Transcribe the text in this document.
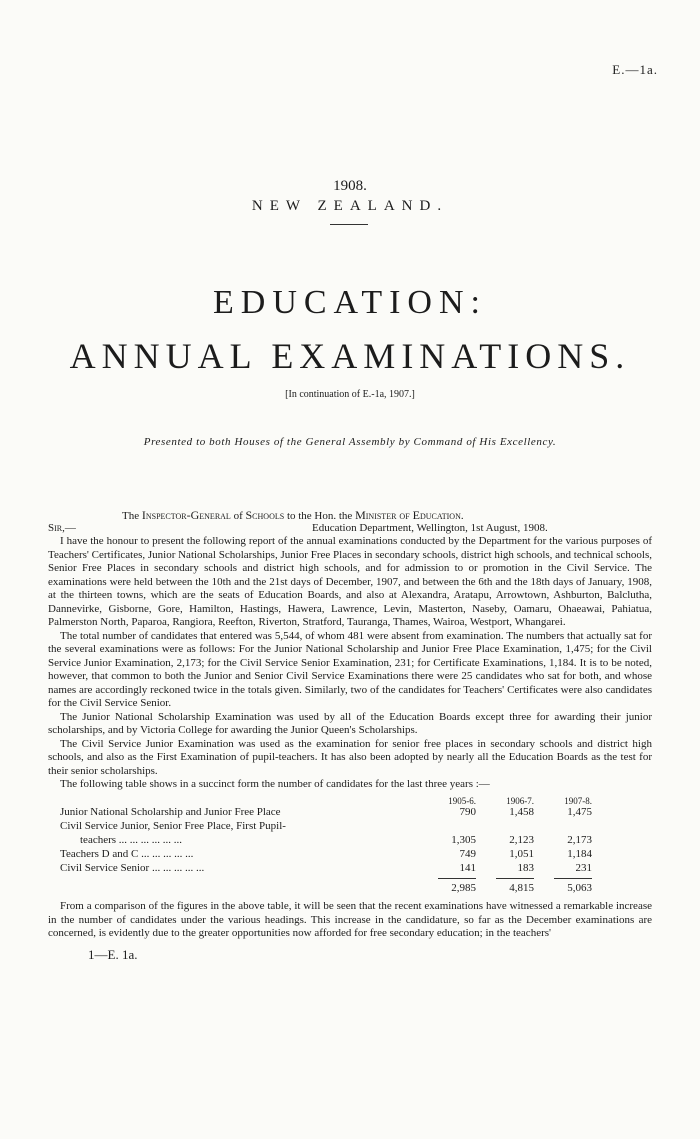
E.—1a.
1908.
NEW ZEALAND.
EDUCATION:
ANNUAL EXAMINATIONS.
[In continuation of E.-1a, 1907.]
Presented to both Houses of the General Assembly by Command of His Excellency.
The Inspector-General of Schools to the Hon. the Minister of Education.
Sir,—	Education Department, Wellington, 1st August, 1908.

I have the honour to present the following report of the annual examinations conducted by the Department for the various purposes of Teachers' Certificates, Junior National Scholarships, Junior Free Places in secondary schools, district high schools, and technical schools, Senior Free Places in secondary schools and district high schools, and for admission to or promotion in the Civil Service. The examinations were held between the 10th and the 21st days of December, 1907, and between the 6th and the 18th days of January, 1908, at the thirteen towns, which are the seats of Education Boards, and also at Alexandra, Aratapu, Arrowtown, Ashburton, Balclutha, Dannevirke, Gisborne, Gore, Hamilton, Hastings, Hawera, Lawrence, Levin, Masterton, Naseby, Oamaru, Ohaeawai, Pahiatua, Palmerston North, Paparoa, Rangiora, Reefton, Riverton, Stratford, Tauranga, Thames, Wairoa, Westport, Whangarei.

The total number of candidates that entered was 5,544, of whom 481 were absent from examination. The numbers that actually sat for the several examinations were as follows: For the Junior National Scholarship and Junior Free Place Examination, 1,475; for the Civil Service Junior Examination, 2,173; for the Civil Service Senior Examination, 231; for Certificate Examinations, 1,184. It is to be noted, however, that common to both the Junior and Senior Civil Service Examinations there were 25 candidates who sat for both, and whose names are accordingly reckoned twice in the totals given. Similarly, two of the candidates for Teachers' Certificates were also candidates for the Civil Service Senior.

The Junior National Scholarship Examination was used by all of the Education Boards except three for awarding their junior scholarships, and by Victoria College for awarding the Junior Queen's Scholarships.

The Civil Service Junior Examination was used as the examination for senior free places in secondary schools and district high schools, and also as the First Examination of pupil-teachers. It has also been adopted by nearly all the Education Boards as the test for their senior scholarships.

The following table shows in a succinct form the number of candidates for the last three years :—

1905-6.	1906-7.	1907-8.
Junior National Scholarship and Junior Free Place	790	1,458	1,475
Civil Service Junior, Senior Free Place, First Pupil-
teachers ... ... ... ... ... ...	1,305	2,123	2,173
Teachers D and C ... ... ... ... ...	749	1,051	1,184
Civil Service Senior ... ... ... ... ...	141	183	231
2,985	4,815	5,063

From a comparison of the figures in the above table, it will be seen that the recent examinations have witnessed a remarkable increase in the number of candidates under the various headings. This increase in the candidature, so far as the December examinations are concerned, is evidently due to the greater opportunities now afforded for free secondary education; in the teachers'

1—E. 1a.
